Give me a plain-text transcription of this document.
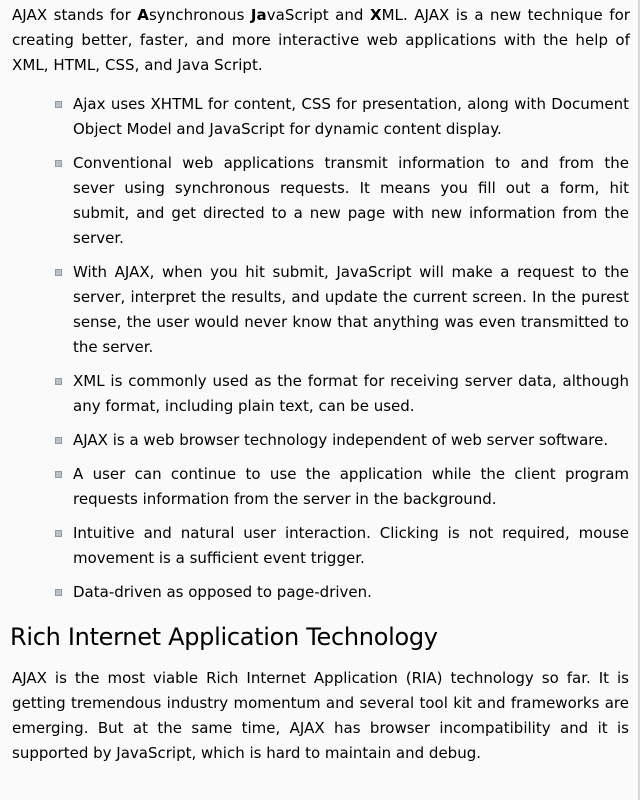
AJAX stands for Asynchronous JavaScript and XML. AJAX is a new technique for creating better, faster, and more interactive web applications with the help of XML, HTML, CSS, and Java Script.

Ajax uses XHTML for content, CSS for presentation, along with Document Object Model and JavaScript for dynamic content display.
Conventional web applications transmit information to and from the sever using synchronous requests. It means you fill out a form, hit submit, and get directed to a new page with new information from the server.
With AJAX, when you hit submit, JavaScript will make a request to the server, interpret the results, and update the current screen. In the purest sense, the user would never know that anything was even transmitted to the server.
XML is commonly used as the format for receiving server data, although any format, including plain text, can be used.
AJAX is a web browser technology independent of web server software.
A user can continue to use the application while the client program requests information from the server in the background.
Intuitive and natural user interaction. Clicking is not required, mouse movement is a sufficient event trigger.
Data-driven as opposed to page-driven.
Rich Internet Application Technology

AJAX is the most viable Rich Internet Application (RIA) technology so far. It is getting tremendous industry momentum and several tool kit and frameworks are emerging. But at the same time, AJAX has browser incompatibility and it is supported by JavaScript, which is hard to maintain and debug.
